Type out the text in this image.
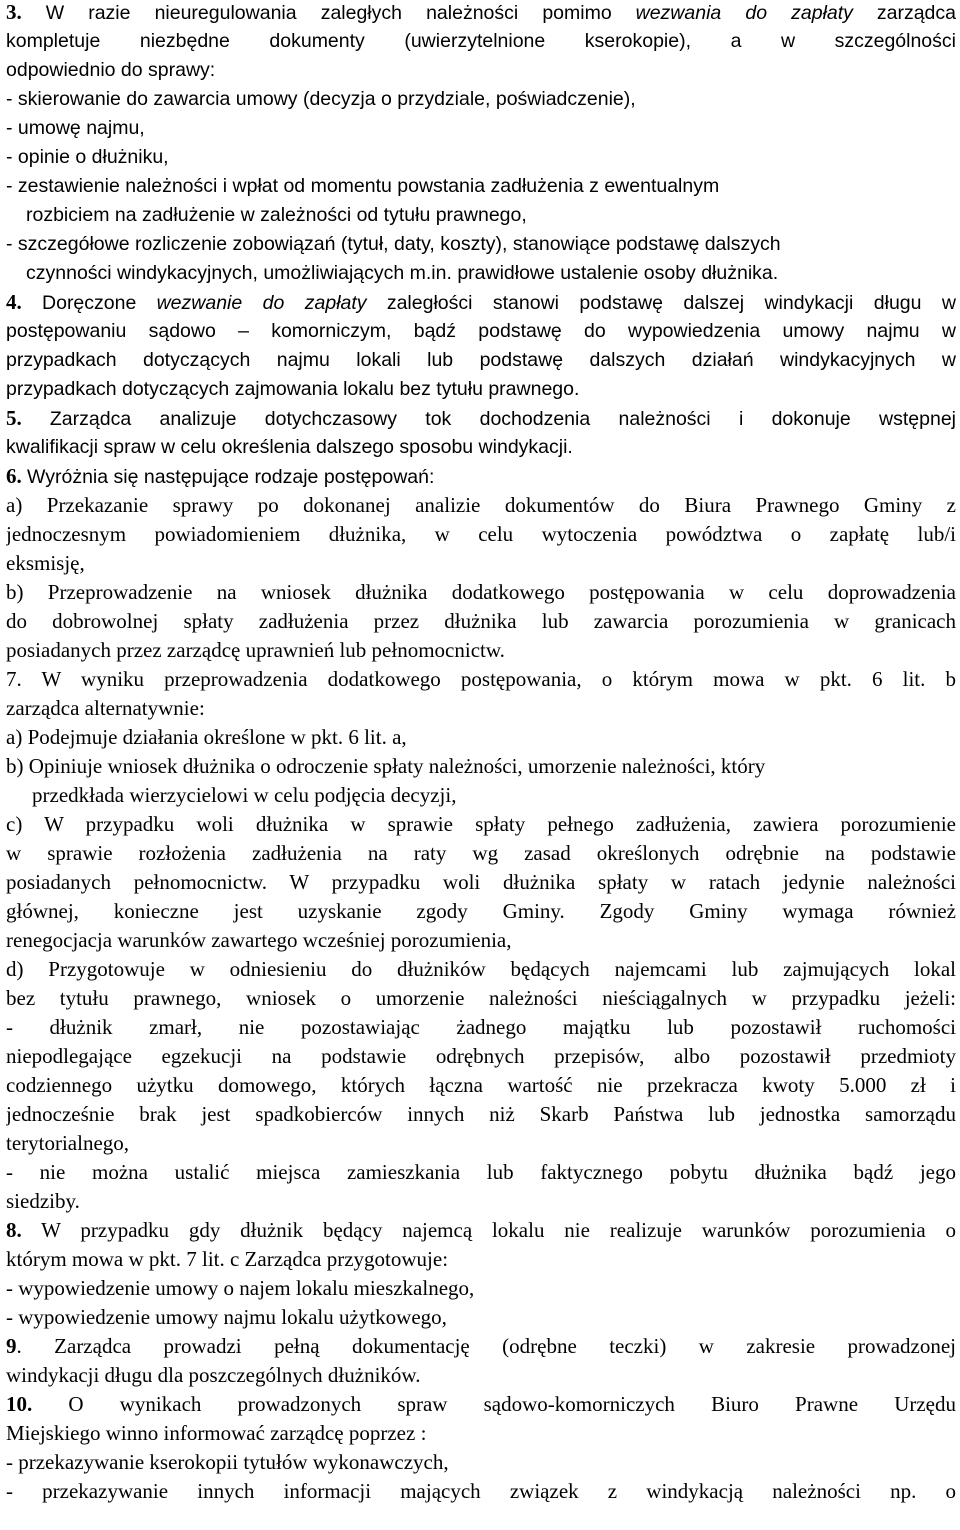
3. W razie nieuregulowania zaległych należności pomimo wezwania do zapłaty zarządca
kompletuje niezbędne dokumenty (uwierzytelnione kserokopie), a w szczególności
odpowiednio do sprawy:
- skierowanie do zawarcia umowy (decyzja o przydziale, poświadczenie),
- umowę najmu,
- opinie o dłużniku,
- zestawienie należności i wpłat od momentu powstania zadłużenia z ewentualnym
rozbiciem na zadłużenie w zależności od tytułu prawnego,
- szczegółowe rozliczenie zobowiązań (tytuł, daty, koszty), stanowiące podstawę dalszych
czynności windykacyjnych, umożliwiających m.in. prawidłowe ustalenie osoby dłużnika.
4. Doręczone wezwanie do zapłaty zaległości stanowi podstawę dalszej windykacji długu w
postępowaniu sądowo – komorniczym, bądź podstawę do wypowiedzenia umowy najmu w
przypadkach dotyczących najmu lokali lub podstawę dalszych działań windykacyjnych w
przypadkach dotyczących zajmowania lokalu bez tytułu prawnego.
5. Zarządca analizuje dotychczasowy tok dochodzenia należności i dokonuje wstępnej
kwalifikacji spraw w celu określenia dalszego sposobu windykacji.
6. Wyróżnia się następujące rodzaje postępowań:
a) Przekazanie sprawy po dokonanej analizie dokumentów do Biura Prawnego Gminy z
jednoczesnym powiadomieniem dłużnika, w celu wytoczenia powództwa o zapłatę lub/i
eksmisję,
b) Przeprowadzenie na wniosek dłużnika dodatkowego postępowania w celu doprowadzenia
do dobrowolnej spłaty zadłużenia przez dłużnika lub zawarcia porozumienia w granicach
posiadanych przez zarządcę uprawnień lub pełnomocnictw.
7. W wyniku przeprowadzenia dodatkowego postępowania, o którym mowa w pkt. 6 lit. b
zarządca alternatywnie:
a) Podejmuje działania określone w pkt. 6 lit. a,
b) Opiniuje wniosek dłużnika o odroczenie spłaty należności, umorzenie należności, który
przedkłada wierzycielowi w celu podjęcia decyzji,
c) W przypadku woli dłużnika w sprawie spłaty pełnego zadłużenia, zawiera porozumienie
w sprawie rozłożenia zadłużenia na raty wg zasad określonych odrębnie na podstawie
posiadanych pełnomocnictw. W przypadku woli dłużnika spłaty w ratach jedynie należności
głównej, konieczne jest uzyskanie zgody Gminy. Zgody Gminy wymaga również
renegocjacja warunków zawartego wcześniej porozumienia,
d) Przygotowuje w odniesieniu do dłużników będących najemcami lub zajmujących lokal
bez tytułu prawnego, wniosek o umorzenie należności nieściągalnych w przypadku jeżeli:
- dłużnik zmarł, nie pozostawiając żadnego majątku lub pozostawił ruchomości
niepodlegające egzekucji na podstawie odrębnych przepisów, albo pozostawił przedmioty
codziennego użytku domowego, których łączna wartość nie przekracza kwoty 5.000 zł i
jednocześnie brak jest spadkobierców innych niż Skarb Państwa lub jednostka samorządu
terytorialnego,
- nie można ustalić miejsca zamieszkania lub faktycznego pobytu dłużnika bądź jego
siedziby.
8. W przypadku gdy dłużnik będący najemcą lokalu nie realizuje warunków porozumienia o
którym mowa w pkt. 7 lit. c Zarządca przygotowuje:
- wypowiedzenie umowy o najem lokalu mieszkalnego,
- wypowiedzenie umowy najmu lokalu użytkowego,
9. Zarządca prowadzi pełną dokumentację (odrębne teczki) w zakresie prowadzonej
windykacji długu dla poszczególnych dłużników.
10. O wynikach prowadzonych spraw sądowo-komorniczych Biuro Prawne Urzędu
Miejskiego winno informować zarządcę poprzez :
- przekazywanie kserokopii tytułów wykonawczych,
- przekazywanie innych informacji mających związek z windykacją należności np. o
